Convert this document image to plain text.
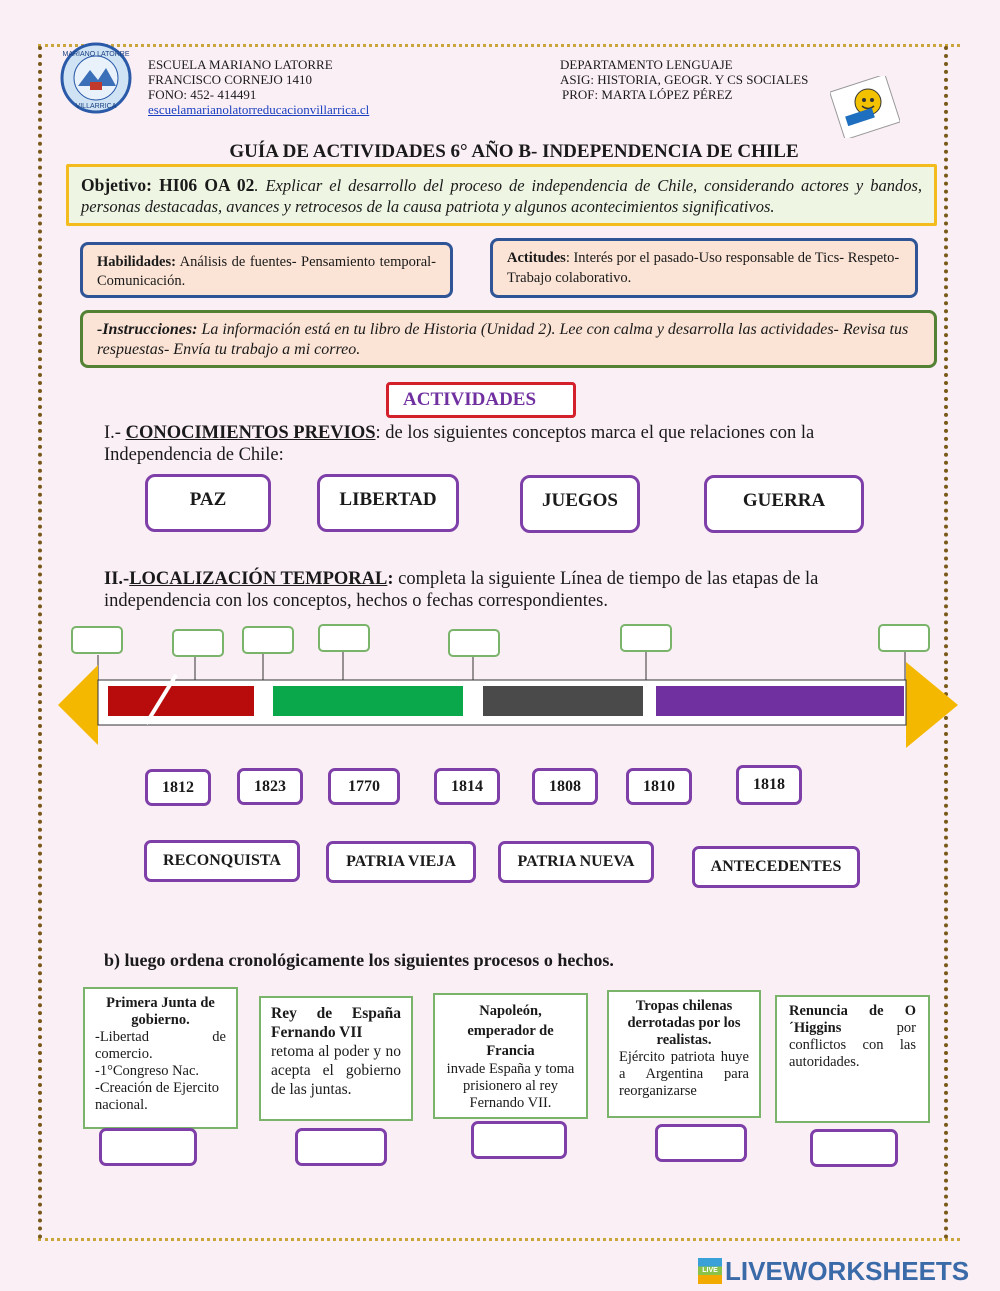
MARIANO LATORRE
VILLARRICA
ESCUELA MARIANO LATORRE
FRANCISCO CORNEJO 1410
FONO: 452- 414491
escuelamarianolatorreducacionvillarrica.cl
DEPARTAMENTO LENGUAJE
ASIG: HISTORIA, GEOGR. Y CS SOCIALES
PROF: MARTA LÓPEZ PÉREZ
GUÍA DE ACTIVIDADES 6° AÑO B- INDEPENDENCIA DE CHILE
Objetivo: HI06 OA 02. Explicar el desarrollo del proceso de independencia de Chile, considerando actores y bandos, personas destacadas, avances y retrocesos de la causa patriota y algunos acontecimientos significativos.
Habilidades: Análisis de fuentes- Pensamiento temporal-Comunicación.
Actitudes: Interés por el pasado-Uso responsable de Tics- Respeto- Trabajo colaborativo.
-Instrucciones: La información está en tu libro de Historia (Unidad 2). Lee con calma y desarrolla las actividades- Revisa tus respuestas- Envía tu trabajo a mi correo.
ACTIVIDADES
I.- CONOCIMIENTOS PREVIOS: de los siguientes conceptos marca el que relaciones con la Independencia de Chile:
PAZ	LIBERTAD	JUEGOS	GUERRA
II.-LOCALIZACIÓN TEMPORAL: completa la siguiente Línea de tiempo de las etapas de la independencia con los conceptos, hechos o fechas correspondientes.
1812	1823	1770	1814	1808	1810	1818
RECONQUISTA	PATRIA VIEJA	PATRIA NUEVA	ANTECEDENTES
b) luego ordena cronológicamente los siguientes procesos o hechos.
Primera Junta de gobierno.
-Libertad de comercio.
-1°Congreso Nac.
-Creación de Ejercito nacional.
Rey de España Fernando VII
retoma al poder y no acepta el gobierno de las juntas.
Napoleón, emperador de Francia
invade España y toma prisionero al rey Fernando VII.
Tropas chilenas derrotadas por los realistas.
Ejército patriota huye a Argentina para reorganizarse
Renuncia de O´Higgins	por conflictos con las autoridades.
LIVE LIVEWORKSHEETS
